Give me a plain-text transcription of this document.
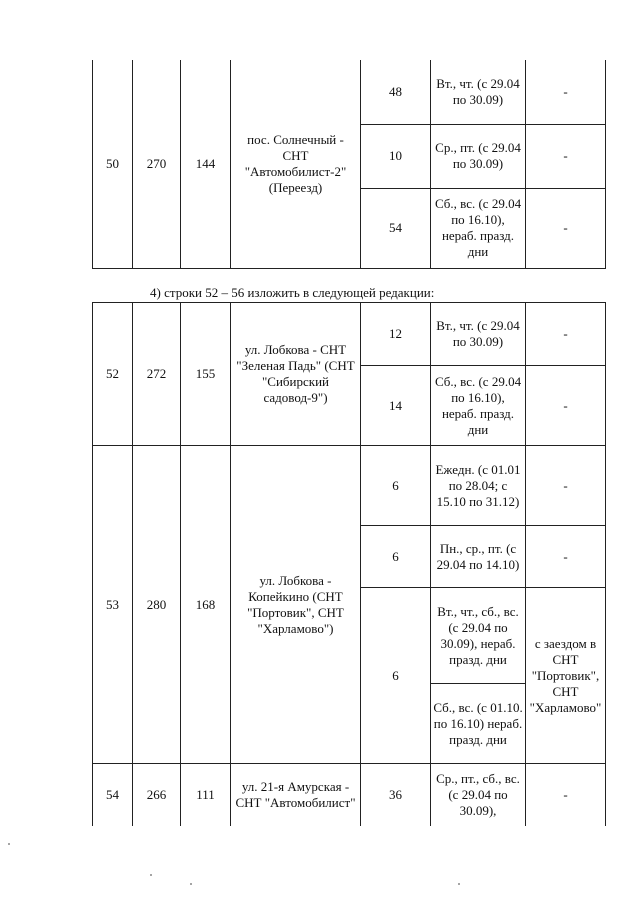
50	270	144	пос. Солнечный - СНТ "Автомобилист-2" (Переезд)	48	Вт., чт. (с 29.04 по 30.09)	-
				10	Ср., пт. (с 29.04 по 30.09)	-
				54	Сб., вс. (с 29.04 по 16.10), нераб. празд. дни	-
4) строки 52 – 56 изложить в следующей редакции:
52	272	155	ул. Лобкова - СНТ "Зеленая Падь" (СНТ "Сибирский садовод-9")	12	Вт., чт. (с 29.04 по 30.09)	-
				14	Сб., вс. (с 29.04 по 16.10), нераб. празд. дни	-
53	280	168	ул. Лобкова - Копейкино (СНТ "Портовик", СНТ "Харламово")	6	Ежедн. (с 01.01 по 28.04; с 15.10 по 31.12)	-
				6	Пн., ср., пт. (с 29.04 по 14.10)	-
				6	Вт., чт., сб., вс. (с 29.04 по 30.09), нераб. празд. дни	с заездом в СНТ "Портовик", СНТ "Харламово"
					Сб., вс. (с 01.10. по 16.10) нераб. празд. дни	
54	266	111	ул. 21-я Амурская - СНТ "Автомобилист"	36	Ср., пт., сб., вс. (с 29.04 по 30.09),	-
